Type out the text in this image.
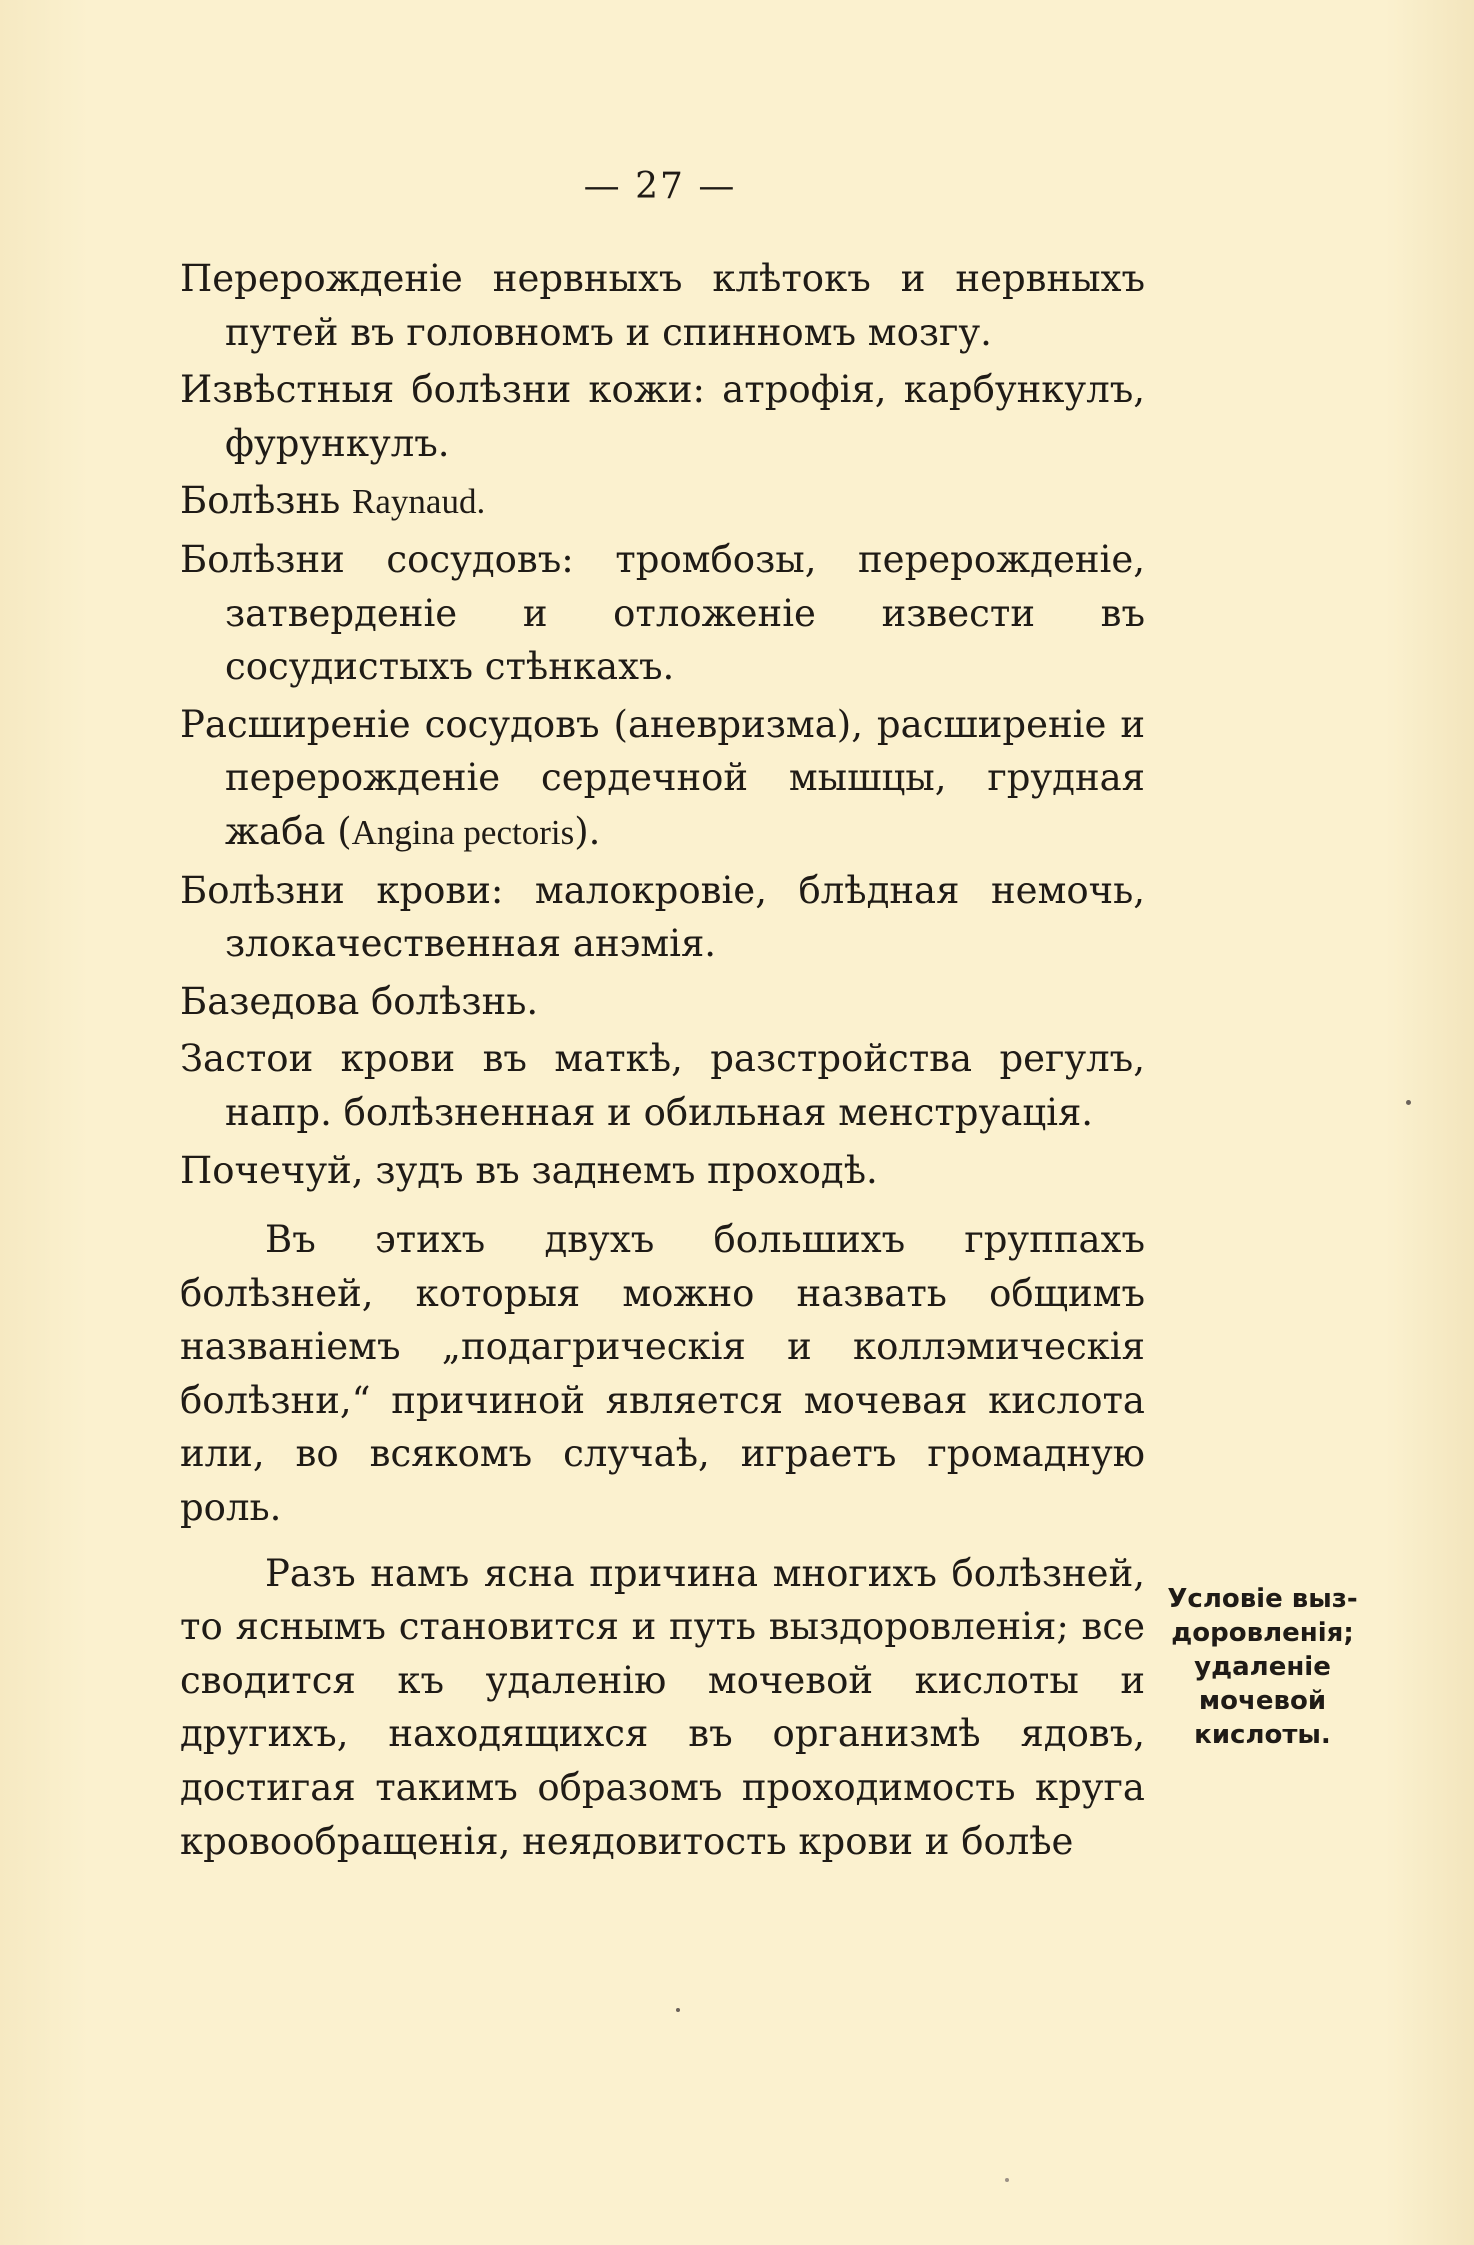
— 27 —

Перерожденіе нервныхъ клѣтокъ и нервныхъ путей въ головномъ и спинномъ мозгу.

Извѣстныя болѣзни кожи: атрофія, карбункулъ, фурункулъ.

Болѣзнь Raynaud.

Болѣзни сосудовъ: тромбозы, перерожденіе, затверденіе и отложеніе извести въ сосудистыхъ стѣнкахъ.

Расширеніе сосудовъ (аневризма), расширеніе и перерожденіе сердечной мышцы, грудная жаба (Angina pectoris).

Болѣзни крови: малокровіе, блѣдная немочь, злокачественная анэмія.

Базедова болѣзнь.

Застои крови въ маткѣ, разстройства регулъ, напр. болѣзненная и обильная менструація.

Почечуй, зудъ въ заднемъ проходѣ.

Въ этихъ двухъ большихъ группахъ болѣзней, которыя можно назвать общимъ названіемъ „подагрическія и коллэмическія болѣзни,“ причиной является мочевая кислота или, во всякомъ случаѣ, играетъ громадную роль.

Разъ намъ ясна причина многихъ болѣзней, то яснымъ становится и путь выздоровленія; все сводится къ удаленію мочевой кислоты и другихъ, находящихся въ организмѣ ядовъ, достигая такимъ образомъ проходимость круга кровообращенія, неядовитость крови и болѣе

Условіе выз-
доровленія;
удаленіе
мочевой
кислоты.
